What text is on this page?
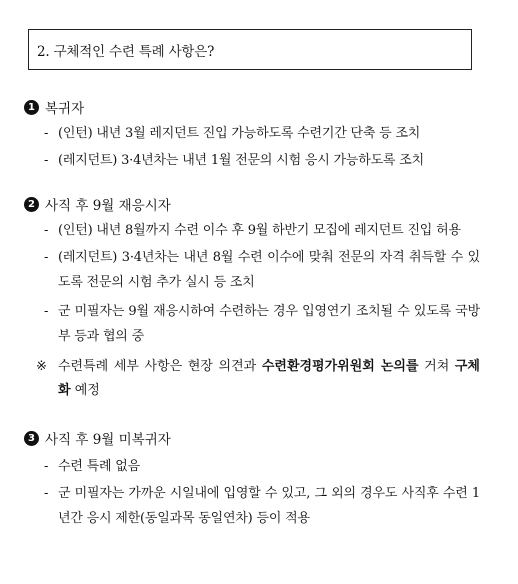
2. 구체적인 수련 특례 사항은?
1 복귀자
- (인턴) 내년 3월 레지던트 진입 가능하도록 수련기간 단축 등 조치
- (레지던트) 3·4년차는 내년 1월 전문의 시험 응시 가능하도록 조치
2 사직 후 9월 재응시자
- (인턴) 내년 8월까지 수련 이수 후 9월 하반기 모집에 레지던트 진입 허용
- (레지던트) 3·4년차는 내년 8월 수련 이수에 맞춰 전문의 자격 취득할 수 있도록 전문의 시험 추가 실시 등 조치
- 군 미필자는 9월 재응시하여 수련하는 경우 입영연기 조치될 수 있도록 국방부 등과 협의 중
※ 수련특례 세부 사항은 현장 의견과 수련환경평가위원회 논의를 거쳐 구체화 예정
3 사직 후 9월 미복귀자
- 수련 특례 없음
- 군 미필자는 가까운 시일내에 입영할 수 있고, 그 외의 경우도 사직후 수련 1년간 응시 제한(동일과목 동일연차) 등이 적용
